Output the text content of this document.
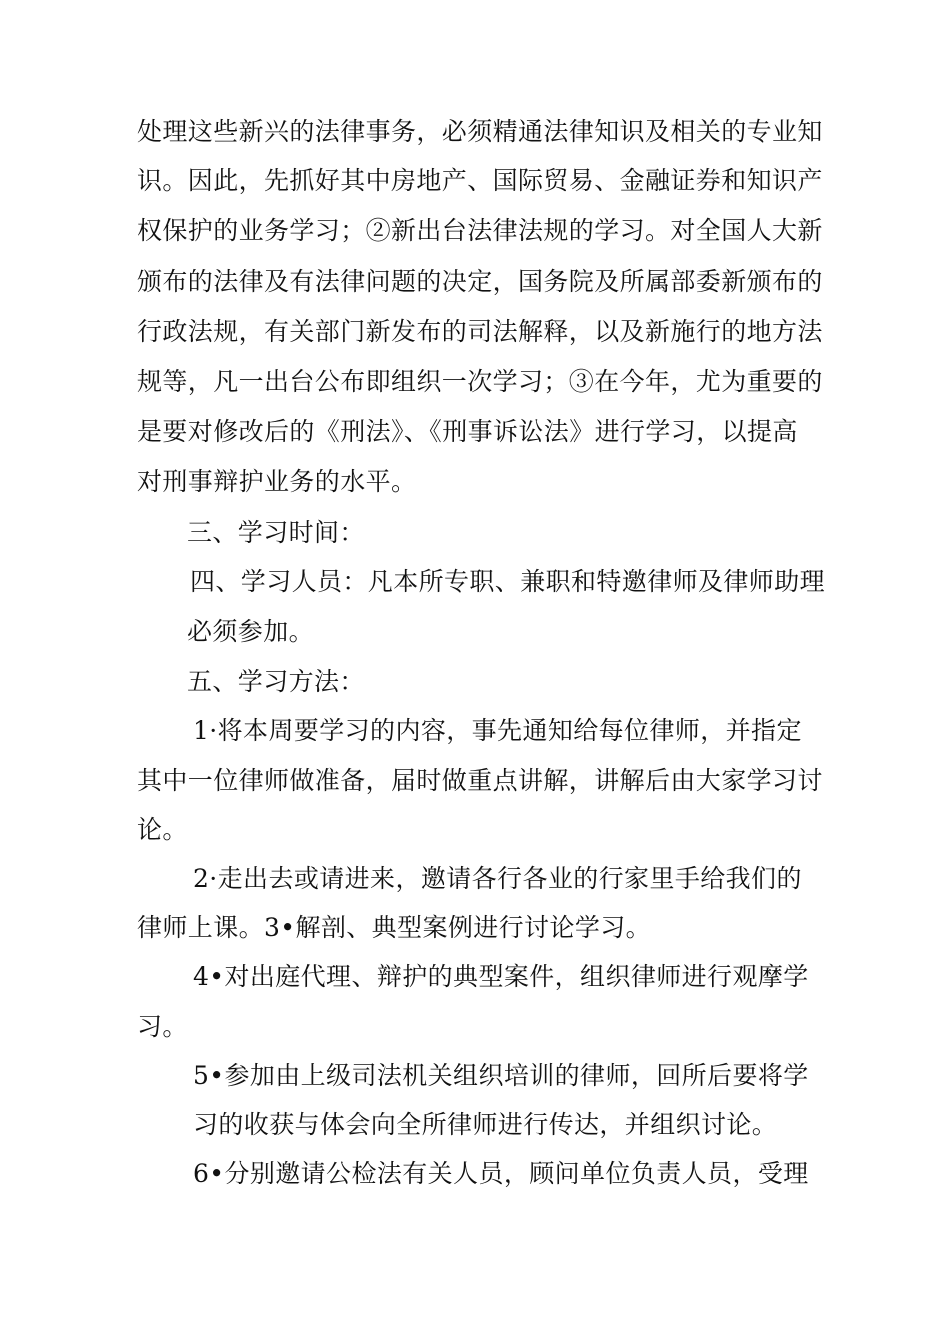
处理这些新兴的法律事务，必须精通法律知识及相关的专业知
识。因此，先抓好其中房地产、国际贸易、金融证券和知识产
权保护的业务学习；②新出台法律法规的学习。对全国人大新
颁布的法律及有法律问题的决定，国务院及所属部委新颁布的
行政法规，有关部门新发布的司法解释，以及新施行的地方法
规等，凡一出台公布即组织一次学习；③在今年，尤为重要的
是要对修改后的《刑法》、《刑事诉讼法》进行学习，以提高
对刑事辩护业务的水平。
三、学习时间：
四、学习人员：凡本所专职、兼职和特邀律师及律师助理
必须参加。
五、学习方法：
1·将本周要学习的内容，事先通知给每位律师，并指定
其中一位律师做准备，届时做重点讲解，讲解后由大家学习讨
论。
2·走出去或请进来，邀请各行各业的行家里手给我们的
律师上课。3•解剖、典型案例进行讨论学习。
4•对出庭代理、辩护的典型案件，组织律师进行观摩学
习。
5•参加由上级司法机关组织培训的律师，回所后要将学
习的收获与体会向全所律师进行传达，并组织讨论。
6•分别邀请公检法有关人员，顾问单位负责人员，受理
